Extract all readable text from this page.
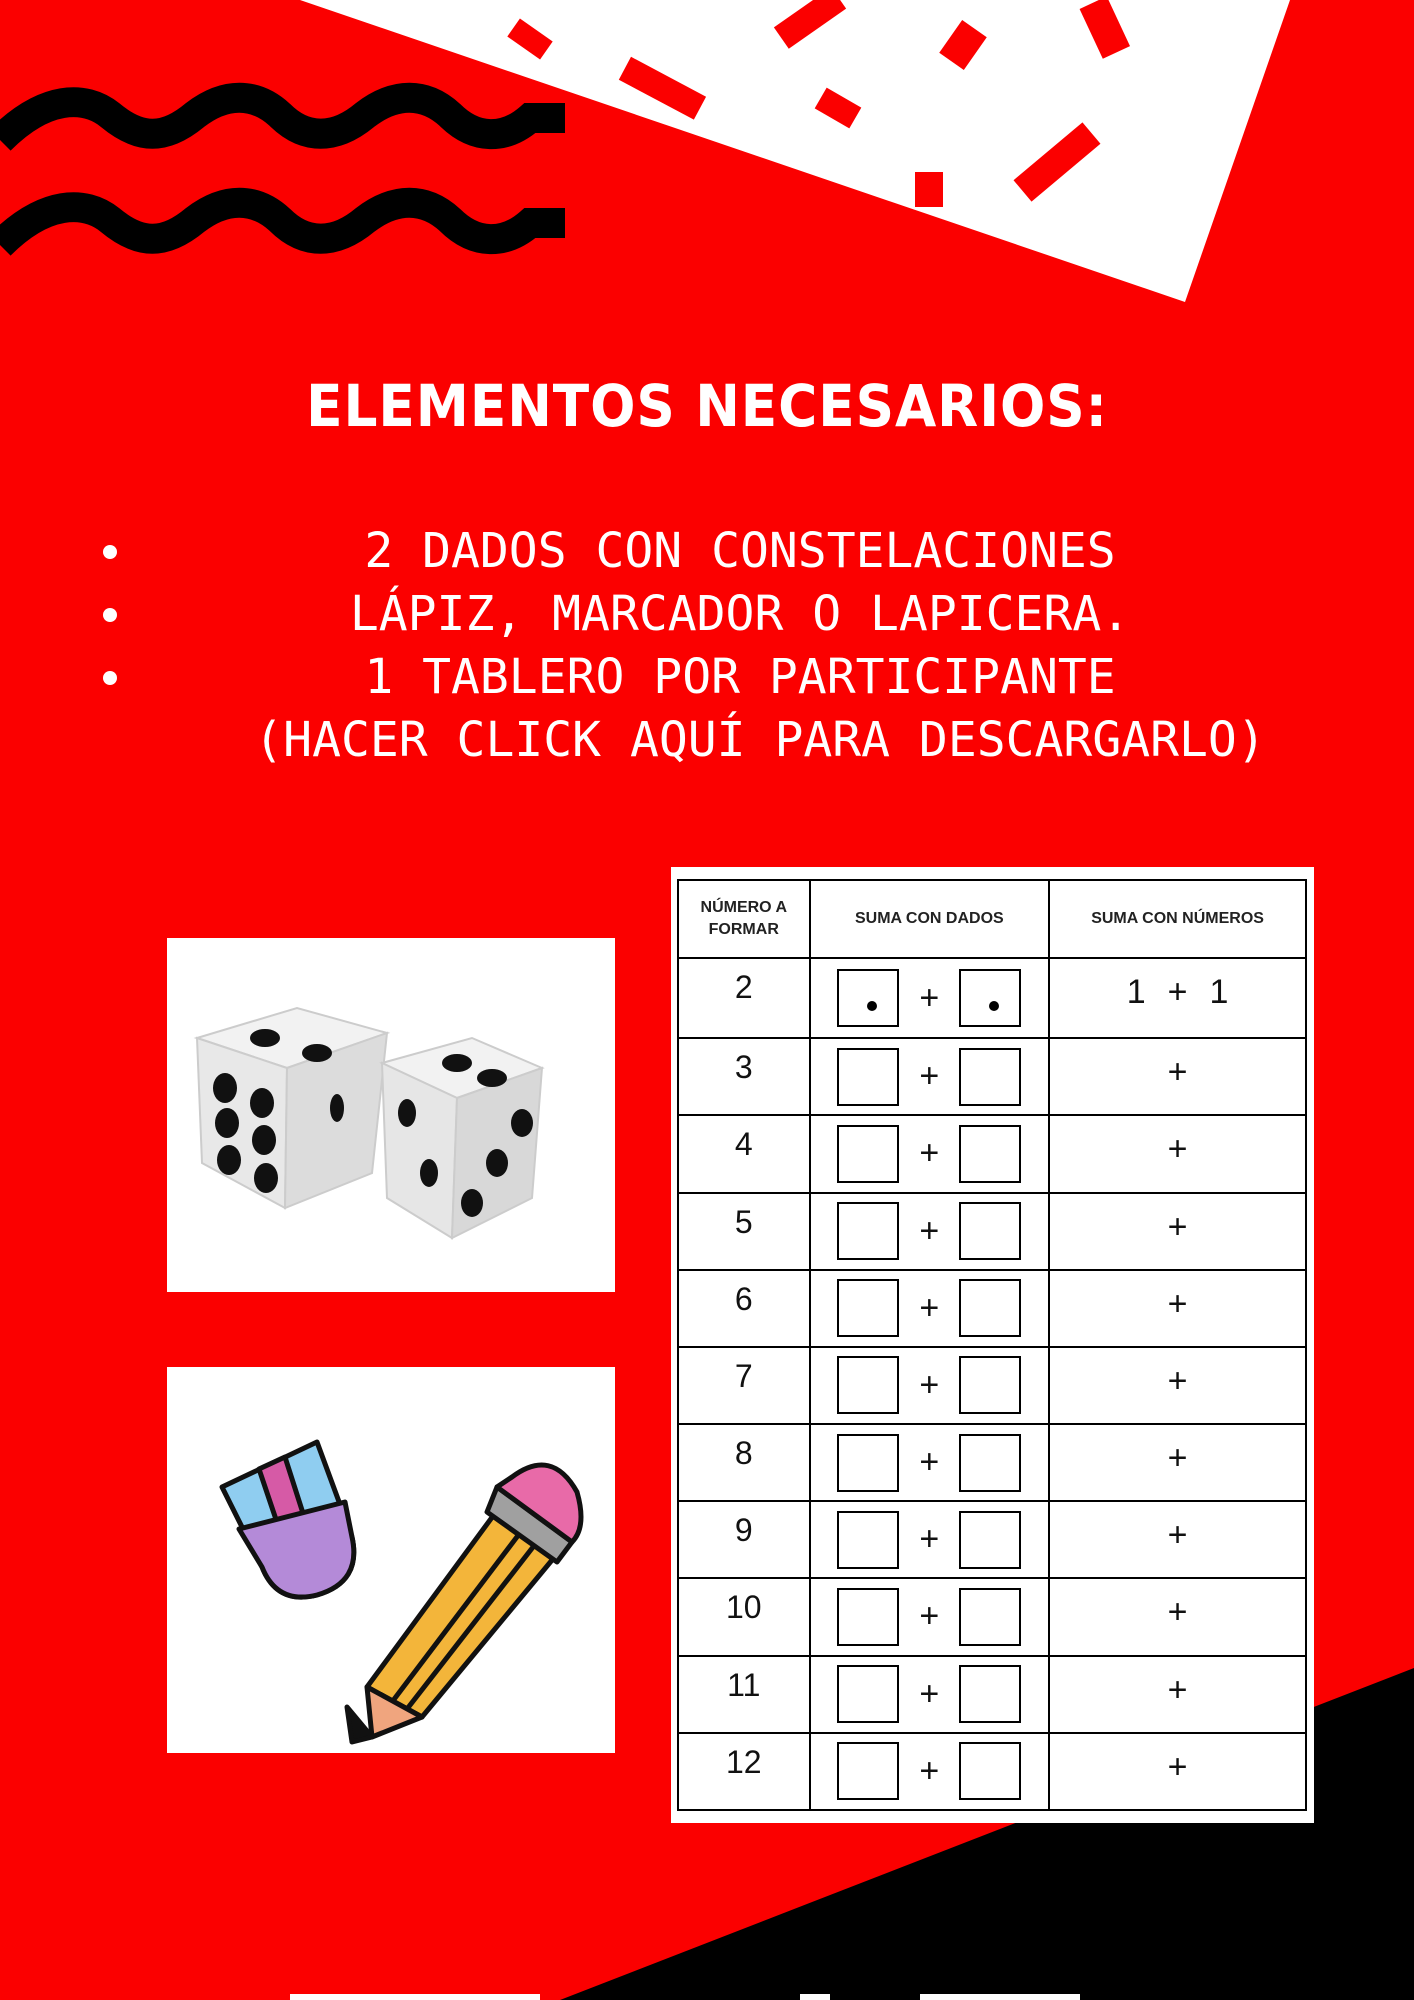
ELEMENTOS NECESARIOS:
2 DADOS CON CONSTELACIONES
LÁPIZ, MARCADOR O LAPICERA.
1 TABLERO POR PARTICIPANTE
(HACER CLICK AQUÍ PARA DESCARGARLO)
NÚMERO A FORMAR	SUMA CON DADOS	SUMA CON NÚMEROS
2	+	1 + 1

3	+	+
4	+	+
5	+	+
6	+	+
7	+	+
8	+	+
9	+	+
10	+	+
11	+	+
12	+	+
